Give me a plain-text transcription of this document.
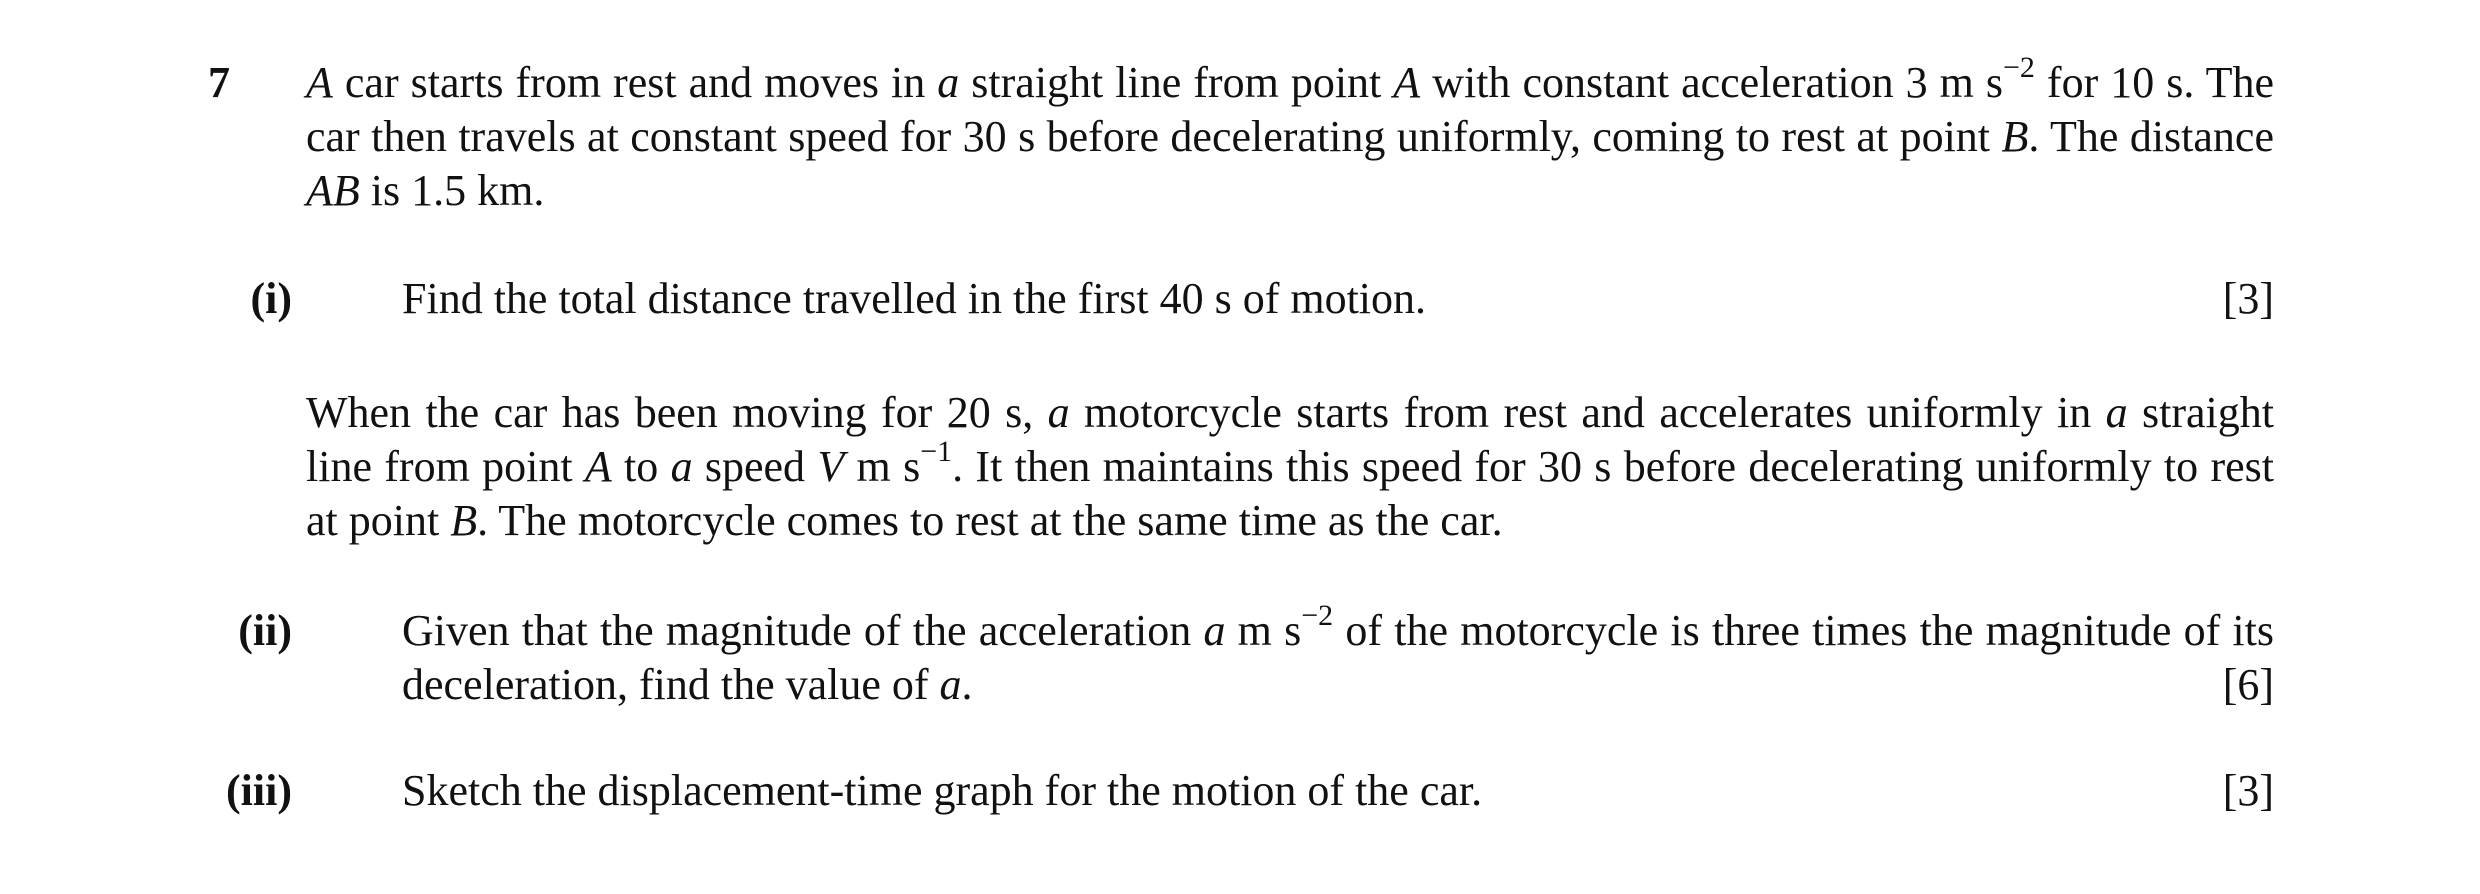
7 A car starts from rest and moves in a straight line from point A with constant acceleration 3 m $s^{-2}$ for 10 s. The car then travels at constant speed for 30 s before decelerating uniformly, coming to rest at point B. The distance AB is 1.5 km.
(i)	Find the total distance travelled in the first 40 s of motion.	[3]
When the car has been moving for 20 s, a motorcycle starts from rest and accelerates uniformly in a straight line from point A to a speed V m $s^{-1}$. It then maintains this speed for 30 s before decelerating uniformly to rest at point B. The motorcycle comes to rest at the same time as the car.
(ii)	Given that the magnitude of the acceleration a m $s^{-2}$ of the motorcycle is three times the magnitude of its deceleration, find the value of a.	[6]
(iii)	Sketch the displacement-time graph for the motion of the car.	[3]
